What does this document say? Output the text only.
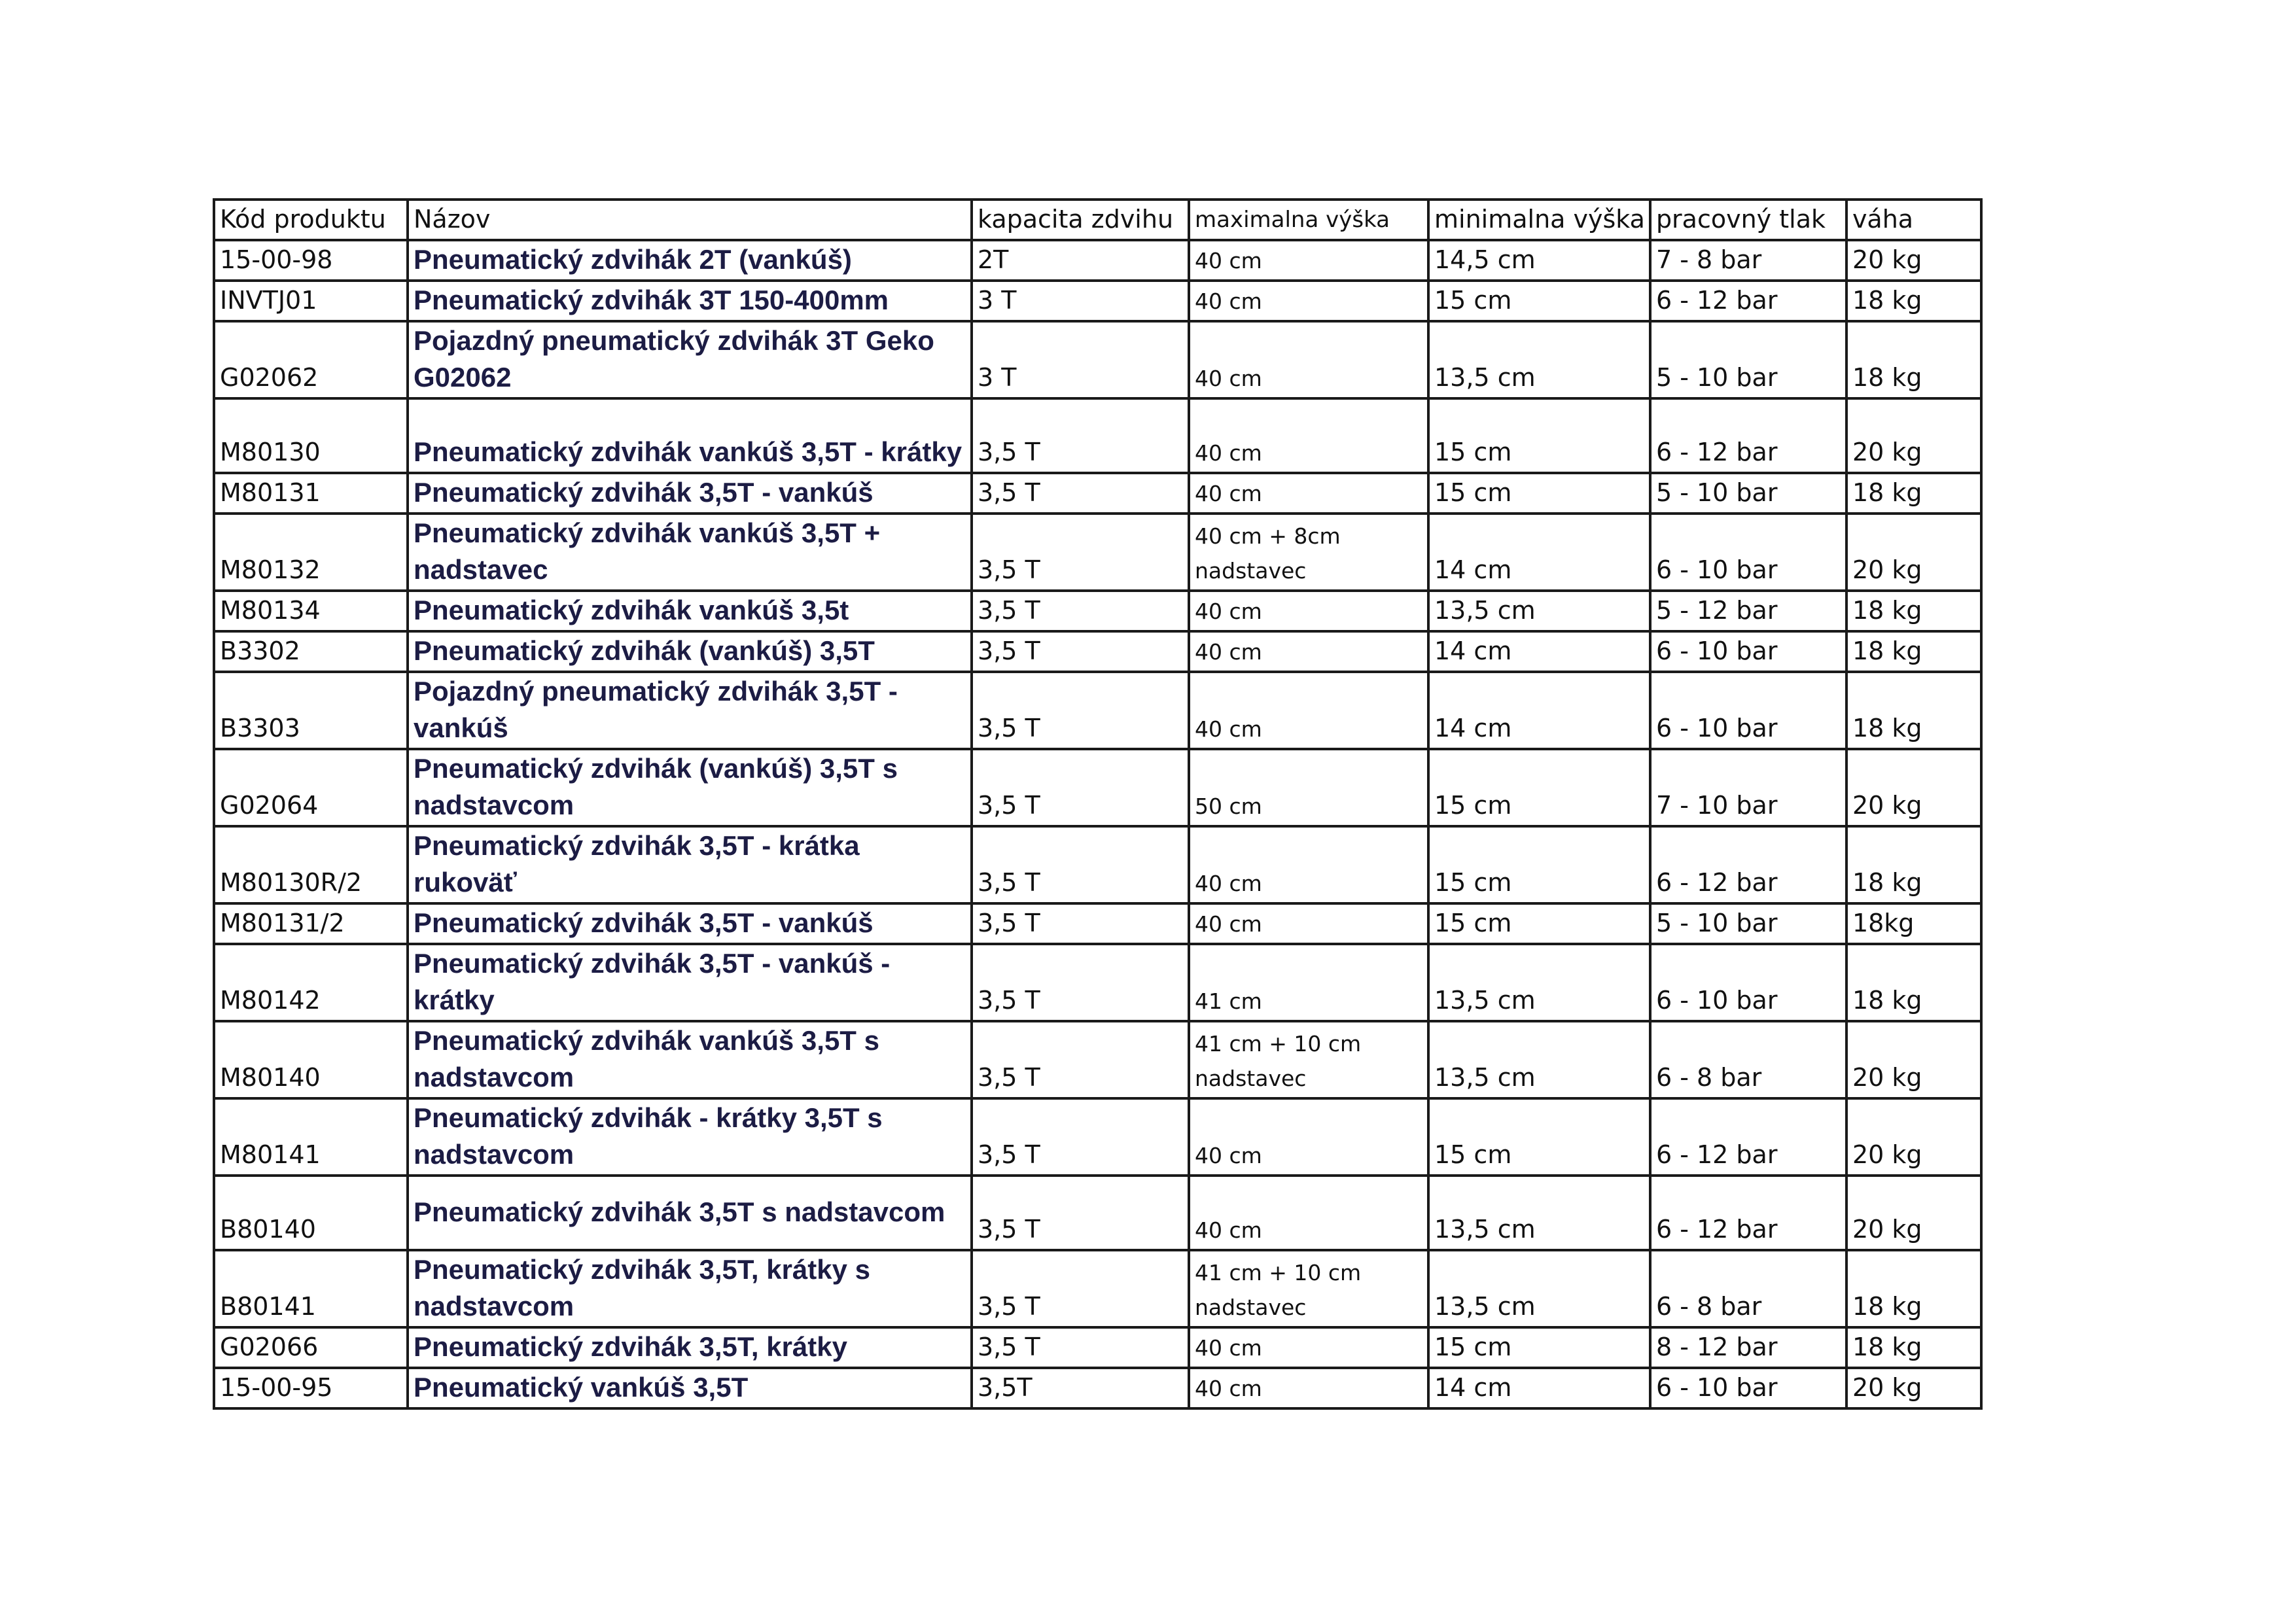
Kód produktu	Názov	kapacita zdvihu	maximalna výška	minimalna výška	pracovný tlak	váha
15-00-98	Pneumatický zdvihák 2T (vankúš)	2T	40 cm	14,5 cm	7 - 8 bar	20 kg
INVTJ01	Pneumatický zdvihák 3T 150-400mm	3 T	40 cm	15 cm	6 - 12 bar	18 kg
G02062	Pojazdný pneumatický zdvihák 3T Geko G02062	3 T	40 cm	13,5 cm	5 - 10 bar	18 kg
M80130	Pneumatický zdvihák vankúš 3,5T - krátky	3,5 T	40 cm	15 cm	6 - 12 bar	20 kg
M80131	Pneumatický zdvihák 3,5T - vankúš	3,5 T	40 cm	15 cm	5 - 10 bar	18 kg
M80132	Pneumatický zdvihák vankúš 3,5T + nadstavec	3,5 T	40 cm + 8cm nadstavec	14 cm	6 - 10 bar	20 kg
M80134	Pneumatický zdvihák vankúš 3,5t	3,5 T	40 cm	13,5 cm	5 - 12 bar	18 kg
B3302	Pneumatický zdvihák (vankúš) 3,5T	3,5 T	40 cm	14 cm	6 - 10 bar	18 kg
B3303	Pojazdný pneumatický zdvihák 3,5T - vankúš	3,5 T	40 cm	14 cm	6 - 10 bar	18 kg
G02064	Pneumatický zdvihák (vankúš) 3,5T s nadstavcom	3,5 T	50 cm	15 cm	7 - 10 bar	20 kg
M80130R/2	Pneumatický zdvihák 3,5T - krátka rukoväť	3,5 T	40 cm	15 cm	6 - 12 bar	18 kg
M80131/2	Pneumatický zdvihák 3,5T - vankúš	3,5 T	40 cm	15 cm	5 - 10 bar	18kg
M80142	Pneumatický zdvihák 3,5T - vankúš - krátky	3,5 T	41 cm	13,5 cm	6 - 10 bar	18 kg
M80140	Pneumatický zdvihák vankúš 3,5T s nadstavcom	3,5 T	41 cm + 10 cm nadstavec	13,5 cm	6 - 8 bar	20 kg
M80141	Pneumatický zdvihák - krátky 3,5T s nadstavcom	3,5 T	40 cm	15 cm	6 - 12 bar	20 kg
B80140	Pneumatický zdvihák 3,5T s nadstavcom	3,5 T	40 cm	13,5 cm	6 - 12 bar	20 kg
B80141	Pneumatický zdvihák 3,5T, krátky s nadstavcom	3,5 T	41 cm + 10 cm nadstavec	13,5 cm	6 - 8 bar	18 kg
G02066	Pneumatický zdvihák 3,5T, krátky	3,5 T	40 cm	15 cm	8 - 12 bar	18 kg
15-00-95	Pneumatický vankúš 3,5T	3,5T	40 cm	14 cm	6 - 10 bar	20 kg
